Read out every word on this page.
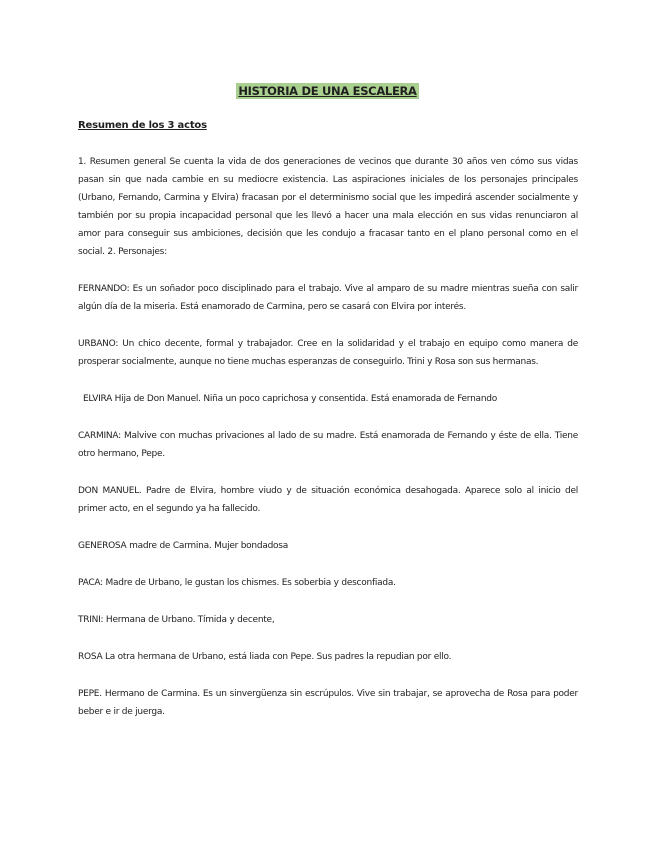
HISTORIA DE UNA ESCALERA
Resumen de los 3 actos

1. Resumen general Se cuenta la vida de dos generaciones de vecinos que durante 30 años ven cómo sus vidas pasan sin que nada cambie en su mediocre existencia. Las aspiraciones iniciales de los personajes principales (Urbano, Fernando, Carmina y Elvira) fracasan por el determinismo social que les impedirá ascender socialmente y también por su propia incapacidad personal que les llevó a hacer una mala elección en sus vidas renunciaron al amor para conseguir sus ambiciones, decisión que les condujo a fracasar tanto en el plano personal como en el social. 2. Personajes:

FERNANDO: Es un soñador poco disciplinado para el trabajo. Vive al amparo de su madre mientras sueña con salir algún día de la miseria. Está enamorado de Carmina, pero se casará con Elvira por interés.

URBANO: Un chico decente, formal y trabajador. Cree en la solidaridad y el trabajo en equipo como manera de prosperar socialmente, aunque no tiene muchas esperanzas de conseguirlo. Trini y Rosa son sus hermanas.

ELVIRA Hija de Don Manuel. Niña un poco caprichosa y consentida. Está enamorada de Fernando

CARMINA: Malvive con muchas privaciones al lado de su madre. Está enamorada de Fernando y éste de ella. Tiene otro hermano, Pepe.

DON MANUEL. Padre de Elvira, hombre viudo y de situación económica desahogada. Aparece solo al inicio del primer acto, en el segundo ya ha fallecido.

GENEROSA madre de Carmina. Mujer bondadosa

PACA: Madre de Urbano, le gustan los chismes. Es soberbia y desconfiada.

TRINI: Hermana de Urbano. Tímida y decente,

ROSA La otra hermana de Urbano, está liada con Pepe. Sus padres la repudian por ello.

PEPE. Hermano de Carmina. Es un sinvergüenza sin escrúpulos. Vive sin trabajar, se aprovecha de Rosa para poder beber e ir de juerga.
